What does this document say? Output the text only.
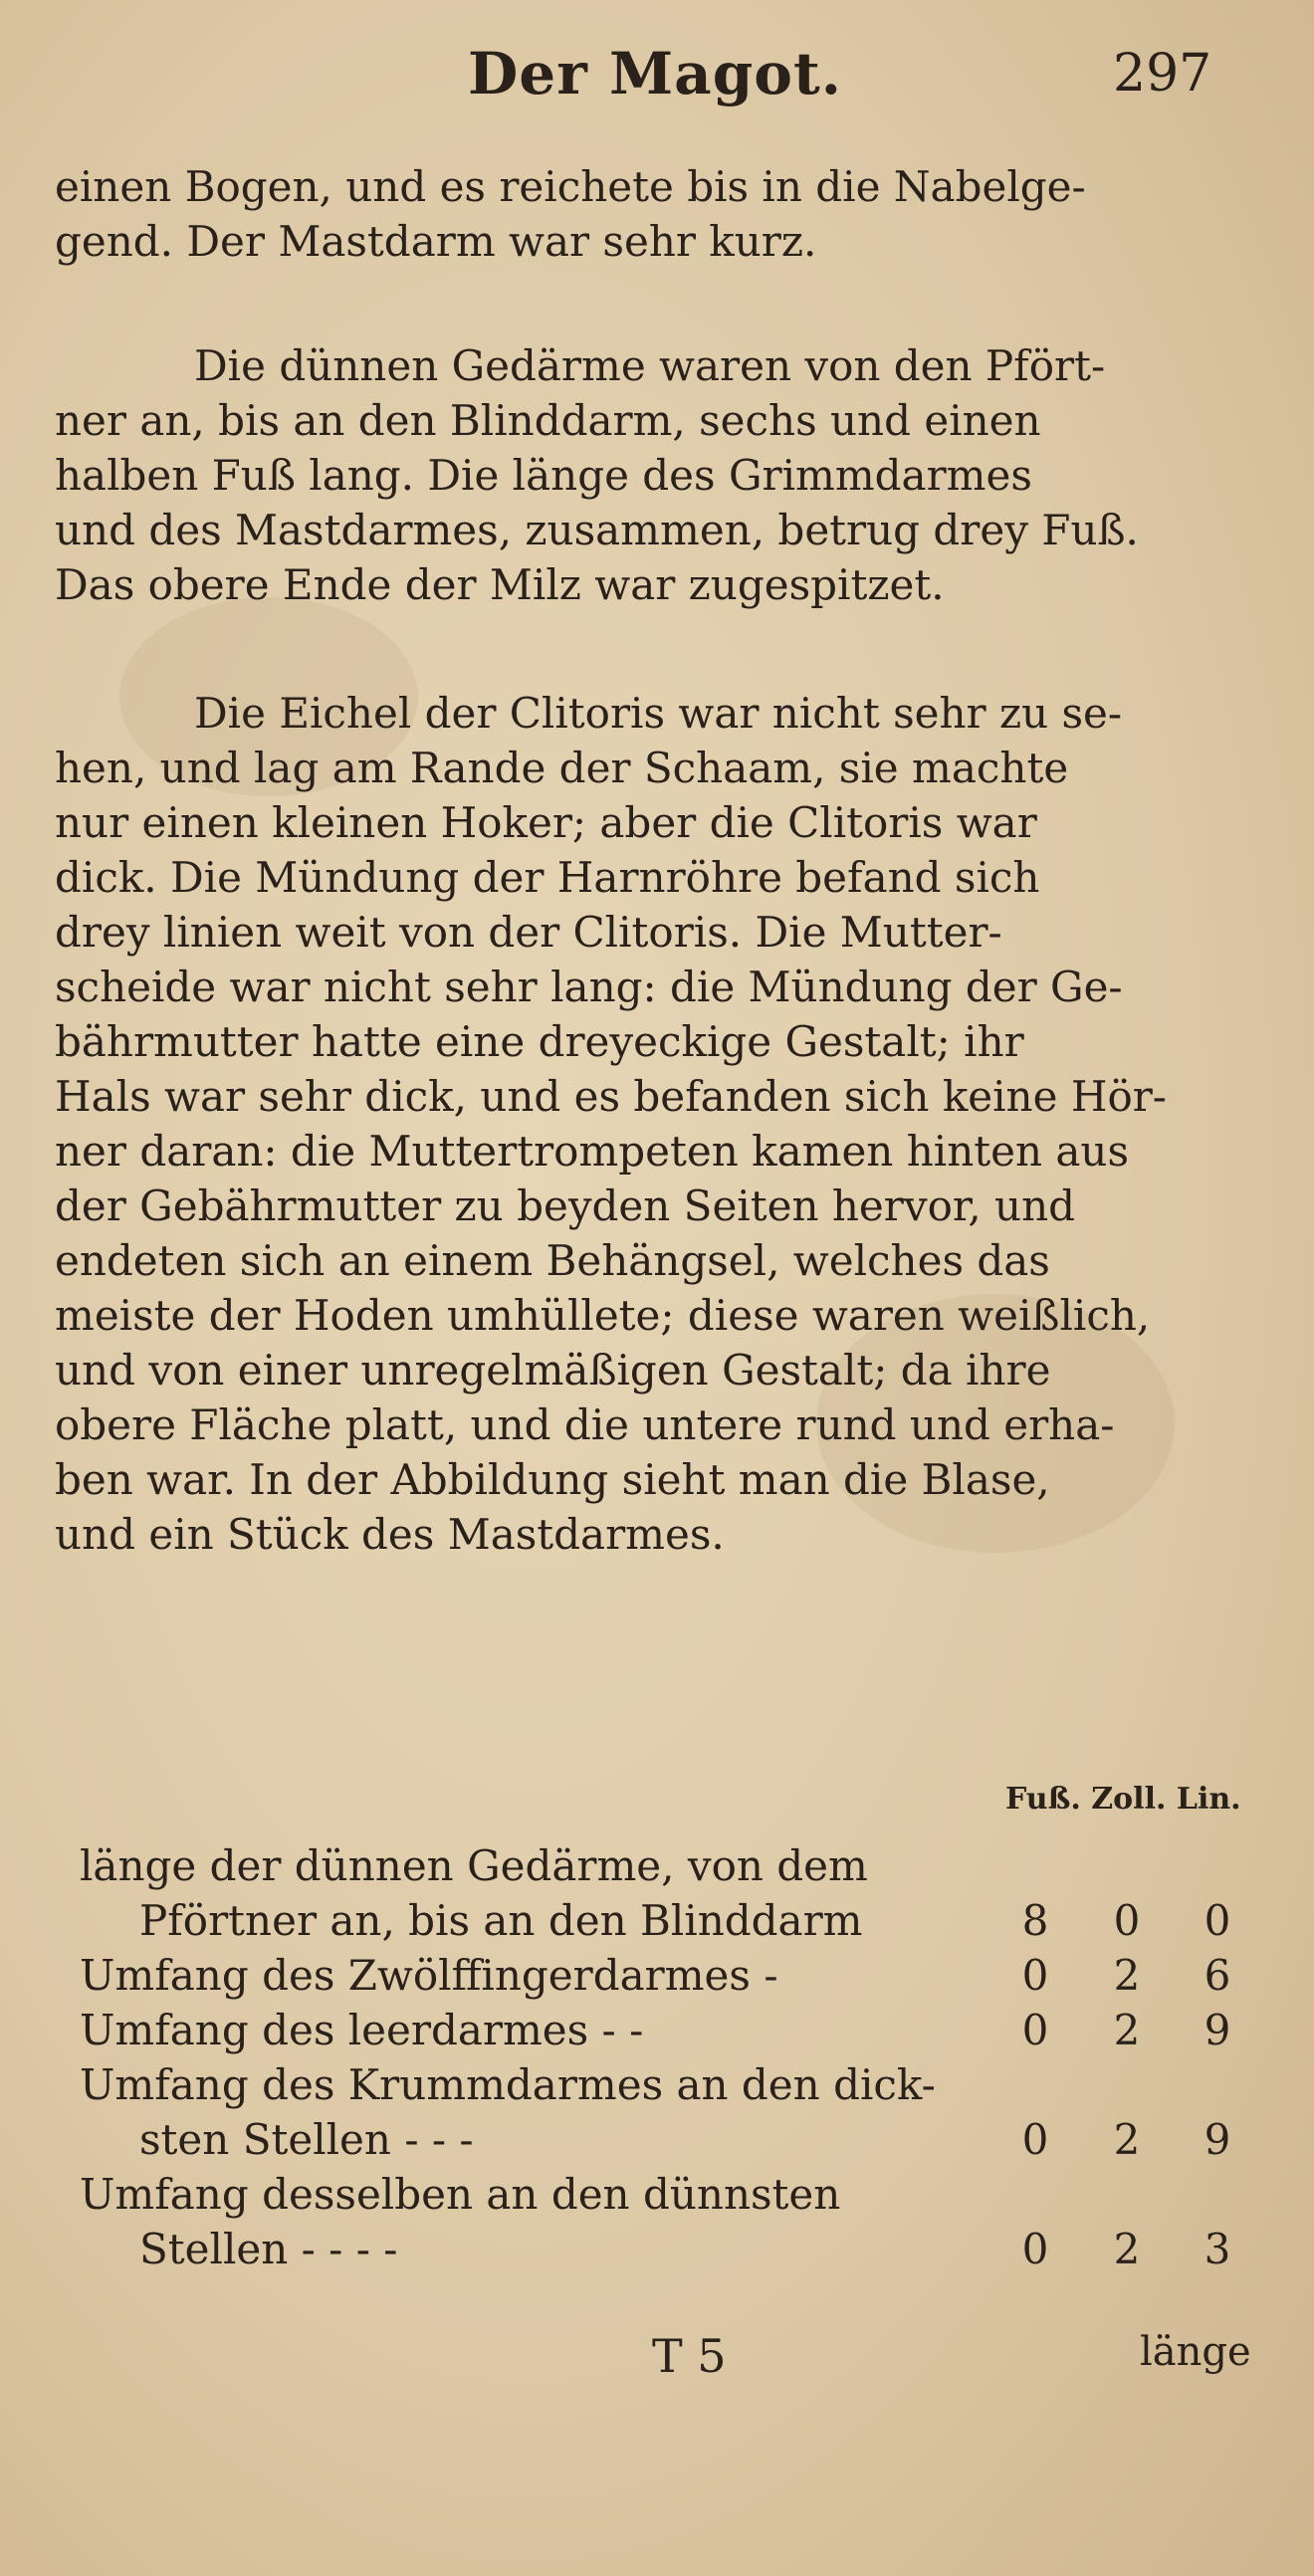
Der Magot.	297

einen Bogen, und es reichete bis in die Nabelge-

gend. Der Mastdarm war sehr kurz.

Die dünnen Gedärme waren von den Pfört-

ner an, bis an den Blinddarm, sechs und einen

halben Fuß lang. Die länge des Grimmdarmes

und des Mastdarmes, zusammen, betrug drey Fuß.

Das obere Ende der Milz war zugespitzet.

Die Eichel der Clitoris war nicht sehr zu se-

hen, und lag am Rande der Schaam, sie machte

nur einen kleinen Hoker; aber die Clitoris war

dick. Die Mündung der Harnröhre befand sich

drey linien weit von der Clitoris. Die Mutter-

scheide war nicht sehr lang: die Mündung der Ge-

bährmutter hatte eine dreyeckige Gestalt; ihr

Hals war sehr dick, und es befanden sich keine Hör-

ner daran: die Muttertrompeten kamen hinten aus

der Gebährmutter zu beyden Seiten hervor, und

endeten sich an einem Behängsel, welches das

meiste der Hoden umhüllete; diese waren weißlich,

und von einer unregelmäßigen Gestalt; da ihre

obere Fläche platt, und die untere rund und erha-

ben war. In der Abbildung sieht man die Blase,

und ein Stück des Mastdarmes.

Fuß. Zoll. Lin.
länge der dünnen Gedärme, von dem
Pförtner an, bis an den Blinddarm	8 0 0
Umfang des Zwölffingerdarmes -	0 2 6
Umfang des leerdarmes - -	0 2 9
Umfang des Krummdarmes an den dick-
sten Stellen - - -	0 2 9
Umfang desselben an den dünnsten
Stellen - - - -	0 2 3
T 5	länge
